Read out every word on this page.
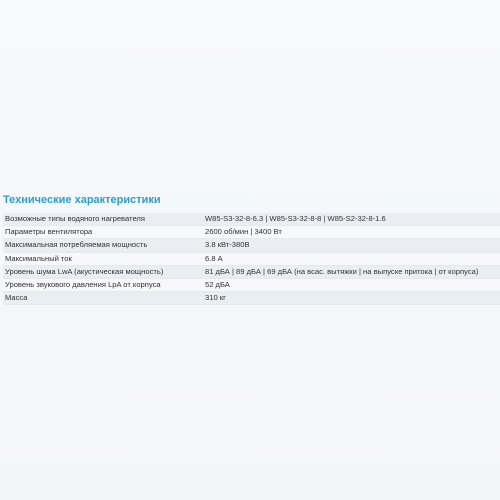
Технические характеристики
Возможные типы водяного нагревателя	W85-S3-32-8-6.3 | W85-S3-32-8-8 | W85-S2-32-8-1.6
Параметры вентилятора	2600 об/мин | 3400 Вт
Максимальная потребляемая мощность	3.8 кВт-380В
Максимальный ток	6.8 А
Уровень шума LwA (акустическая мощность)	81 дБА | 89 дБА | 69 дБА (на всас. вытяжки | на выпуске притока | от корпуса)
Уровень звукового давления LpA от корпуса	52 дБА
Масса	310 кг
